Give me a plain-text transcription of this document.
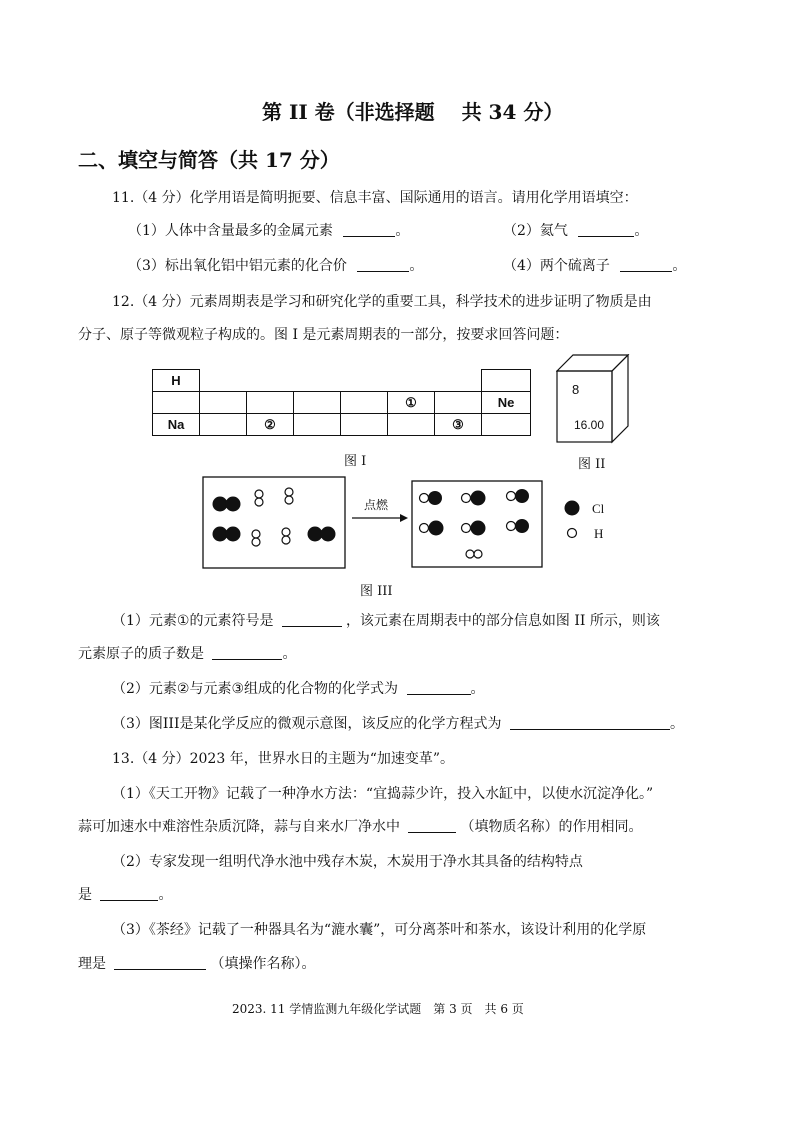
第 II 卷（非选择题　 共 34 分）
二、填空与简答（共 17 分）
11.（4 分）化学用语是简明扼要、信息丰富、国际通用的语言。请用化学用语填空：
（1）人体中含量最多的金属元素	。	（2）氦气	。
（3）标出氧化铝中铝元素的化合价	。	（4）两个硫离子	。
12.（4 分）元素周期表是学习和研究化学的重要工具，科学技术的进步证明了物质是由
分子、原子等微观粒子构成的。图 I 是元素周期表的一部分，按要求回答问题：
H							
					①		Ne
Na		②				③	
图 I
8
16.00
图 II
点燃	Cl
H
图 III
（1）元素①的元素符号是	，该元素在周期表中的部分信息如图 II 所示，则该
元素原子的质子数是	。
（2）元素②与元素③组成的化合物的化学式为	。
（3）图III是某化学反应的微观示意图，该反应的化学方程式为	。
13.（4 分）2023 年，世界水日的主题为“加速变革”。
（1）《天工开物》记载了一种净水方法：“宜捣蒜少许，投入水缸中，以使水沉淀净化。”
蒜可加速水中难溶性杂质沉降，蒜与自来水厂净水中	（填物质名称）的作用相同。
（2）专家发现一组明代净水池中残存木炭，木炭用于净水其具备的结构特点
是	。
（3）《茶经》记载了一种器具名为“漉水囊”，可分离茶叶和茶水，该设计利用的化学原
理是	（填操作名称）。
2023. 11 学情监测九年级化学试题　第 3 页　共 6 页
